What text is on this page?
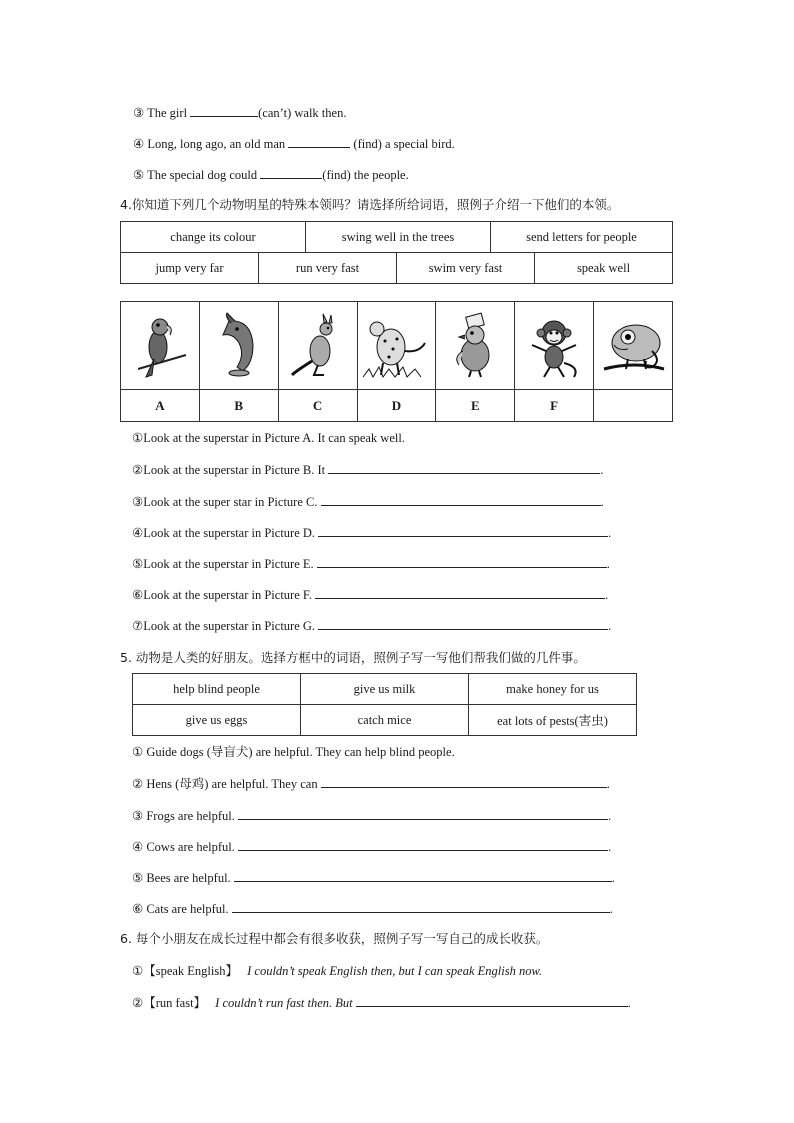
③ The girl	(can’t) walk then.
④ Long, long ago, an old man	(find) a special bird.
⑤ The special dog could	(find) the people.
4.你知道下列几个动物明星的特殊本领吗？请选择所给词语，照例子介绍一下他们的本领。
change its colour	swing well in the trees	send letters for people
jump very far	run very fast	swim very fast	speak well

A	B	C	D	E	F	
①Look at the superstar in Picture A. It can speak well.
②Look at the superstar in Picture B. It	.
③Look at the super star in Picture C.	.
④Look at the superstar in Picture D.	.
⑤Look at the superstar in Picture E.	.
⑥Look at the superstar in Picture F.	.
⑦Look at the superstar in Picture G.	.
5. 动物是人类的好朋友。选择方框中的词语，照例子写一写他们帮我们做的几件事。
help blind people	give us milk	make honey for us
give us eggs	catch mice	eat lots of pests(害虫)
① Guide dogs (导盲犬) are helpful. They can help blind people.
② Hens (母鸡) are helpful. They can	.
③ Frogs are helpful.	.
④ Cows are helpful.	.
⑤ Bees are helpful.	.
⑥ Cats are helpful.	.
6. 每个小朋友在成长过程中都会有很多收获，照例子写一写自己的成长收获。
①【speak English】 I couldn’t speak English then, but I can speak English now.
②【run fast】 I couldn’t run fast then. But	.
